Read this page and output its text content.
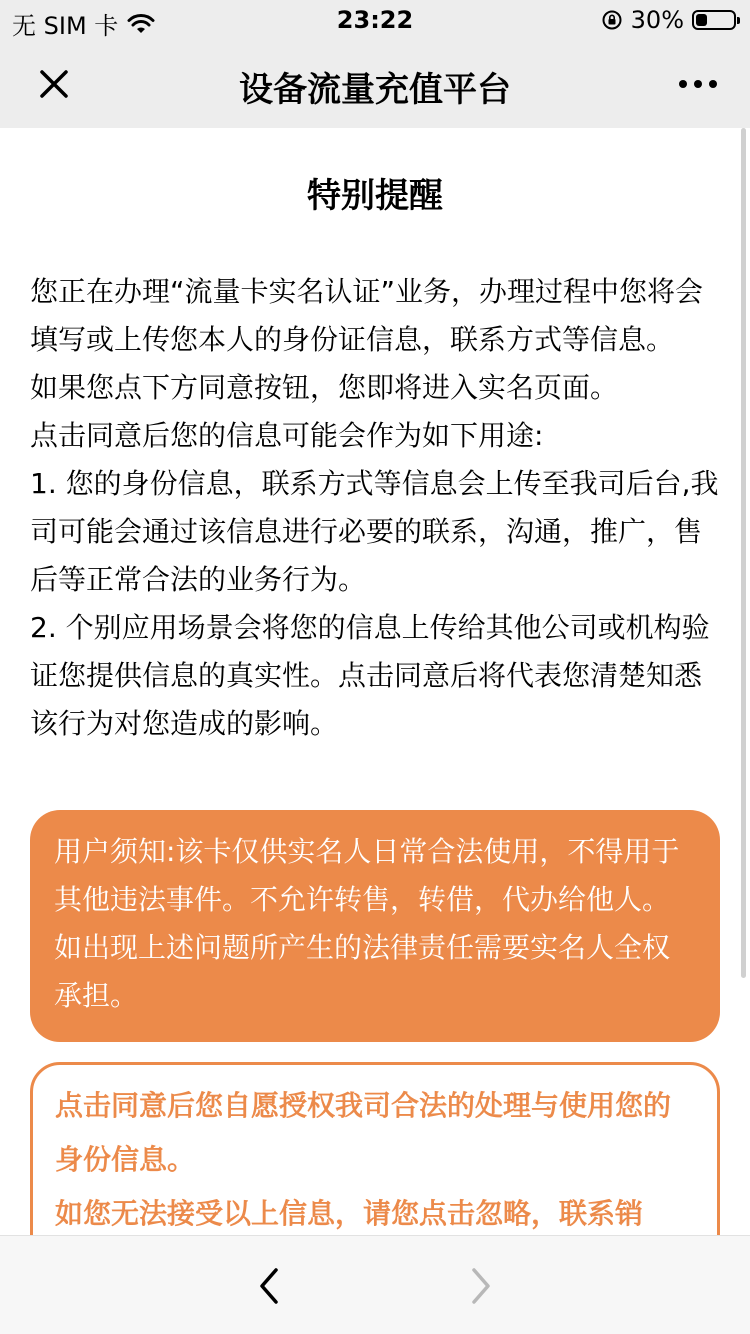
无 SIM 卡	23:22	30%
设备流量充值平台
特别提醒

您正在办理“流量卡实名认证”业务，办理过程中您将会填写或上传您本人的身份证信息，联系方式等信息。

如果您点下方同意按钮，您即将进入实名页面。

点击同意后您的信息可能会作为如下用途:

1. 您的身份信息，联系方式等信息会上传至我司后台,我司可能会通过该信息进行必要的联系，沟通，推广，售后等正常合法的业务行为。

2. 个别应用场景会将您的信息上传给其他公司或机构验证您提供信息的真实性。点击同意后将代表您清楚知悉该行为对您造成的影响。

用户须知:该卡仅供实名人日常合法使用，不得用于其他违法事件。不允许转售，转借，代办给他人。如出现上述问题所产生的法律责任需要实名人全权承担。

点击同意后您自愿授权我司合法的处理与使用您的身份信息。

如您无法接受以上信息，请您点击忽略，联系销
